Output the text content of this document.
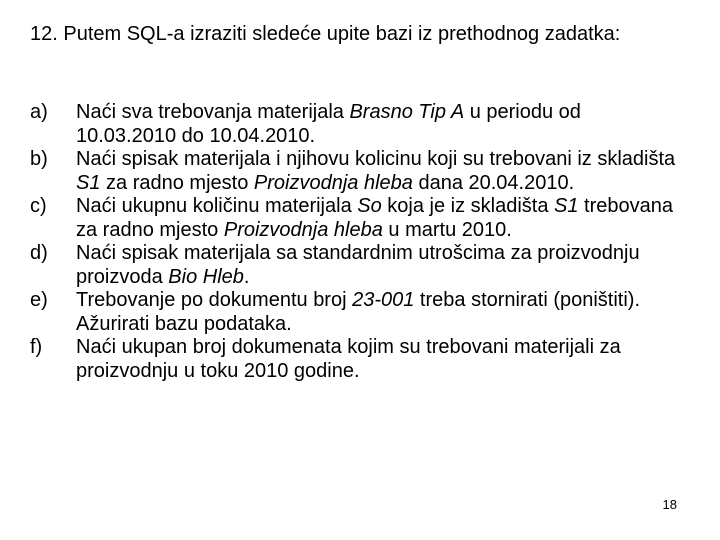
12. Putem SQL-a izraziti sledeće upite bazi iz prethodnog zadatka:
a)	Naći sva trebovanja materijala Brasno Tip A u periodu od 10.03.2010 do 10.04.2010.
b)	Naći spisak materijala i njihovu kolicinu koji su trebovani iz skladišta S1 za radno mjesto Proizvodnja hleba dana 20.04.2010.
c)	Naći ukupnu količinu materijala So koja je iz skladišta S1 trebovana za radno mjesto Proizvodnja hleba u martu 2010.
d)	Naći spisak materijala sa standardnim utrošcima za proizvodnju proizvoda Bio Hleb.
e)	Trebovanje po dokumentu broj 23-001 treba stornirati (poništiti). Ažurirati bazu podataka.
f)	Naći ukupan broj dokumenata kojim su trebovani materijali za proizvodnju u toku 2010 godine.
18
